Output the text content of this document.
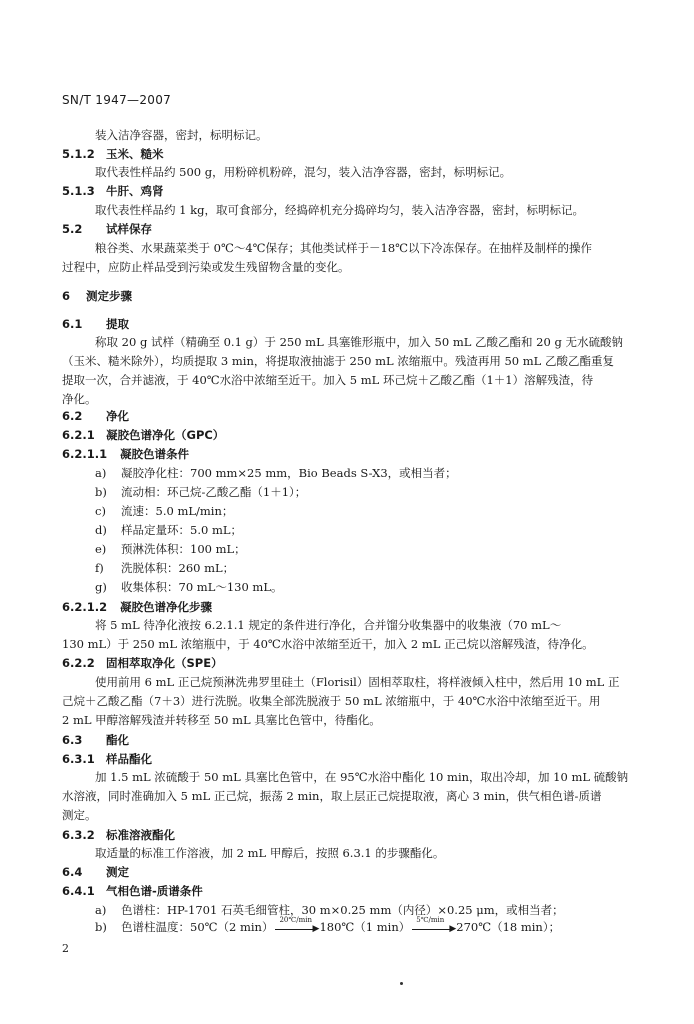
SN/T 1947—2007
装入洁净容器，密封，标明标记。
5.1.2 玉米、糙米
取代表性样品约 500 g，用粉碎机粉碎，混匀，装入洁净容器，密封，标明标记。
5.1.3 牛肝、鸡肾
取代表性样品约 1 kg，取可食部分，经捣碎机充分捣碎均匀，装入洁净容器，密封，标明标记。
5.2 试样保存
粮谷类、水果蔬菜类于 0℃～4℃保存；其他类试样于－18℃以下冷冻保存。在抽样及制样的操作
过程中，应防止样品受到污染或发生残留物含量的变化。
6 测定步骤
6.1 提取
称取 20 g 试样（精确至 0.1 g）于 250 mL 具塞锥形瓶中，加入 50 mL 乙酸乙酯和 20 g 无水硫酸钠
（玉米、糙米除外），均质提取 3 min，将提取液抽滤于 250 mL 浓缩瓶中。残渣再用 50 mL 乙酸乙酯重复
提取一次，合并滤液，于 40℃水浴中浓缩至近干。加入 5 mL 环己烷＋乙酸乙酯（1＋1）溶解残渣，待
净化。
6.2 净化
6.2.1 凝胶色谱净化（GPC）
6.2.1.1 凝胶色谱条件
a) 凝胶净化柱：700 mm×25 mm，Bio Beads S-X3，或相当者；
b) 流动相：环己烷-乙酸乙酯（1＋1）；
c) 流速：5.0 mL/min；
d) 样品定量环：5.0 mL；
e) 预淋洗体积：100 mL；
f) 洗脱体积：260 mL；
g) 收集体积：70 mL～130 mL。
6.2.1.2 凝胶色谱净化步骤
将 5 mL 待净化液按 6.2.1.1 规定的条件进行净化，合并馏分收集器中的收集液（70 mL～
130 mL）于 250 mL 浓缩瓶中，于 40℃水浴中浓缩至近干，加入 2 mL 正己烷以溶解残渣，待净化。
6.2.2 固相萃取净化（SPE）
使用前用 6 mL 正己烷预淋洗弗罗里硅土（Florisil）固相萃取柱，将样液倾入柱中，然后用 10 mL 正
己烷＋乙酸乙酯（7＋3）进行洗脱。收集全部洗脱液于 50 mL 浓缩瓶中，于 40℃水浴中浓缩至近干。用
2 mL 甲醇溶解残渣并转移至 50 mL 具塞比色管中，待酯化。
6.3 酯化
6.3.1 样品酯化
加 1.5 mL 浓硫酸于 50 mL 具塞比色管中，在 95℃水浴中酯化 10 min，取出冷却，加 10 mL 硫酸钠
水溶液，同时准确加入 5 mL 正己烷，振荡 2 min，取上层正己烷提取液，离心 3 min，供气相色谱-质谱
测定。
6.3.2 标准溶液酯化
取适量的标准工作溶液，加 2 mL 甲醇后，按照 6.3.1 的步骤酯化。
6.4 测定
6.4.1 气相色谱-质谱条件
a) 色谱柱：HP-1701 石英毛细管柱，30 m×0.25 mm（内径）×0.25 μm，或相当者；
b) 色谱柱温度：50℃（2 min） 20℃/min
▶ 180℃（1 min） 5℃/min
▶ 270℃（18 min）；
2
